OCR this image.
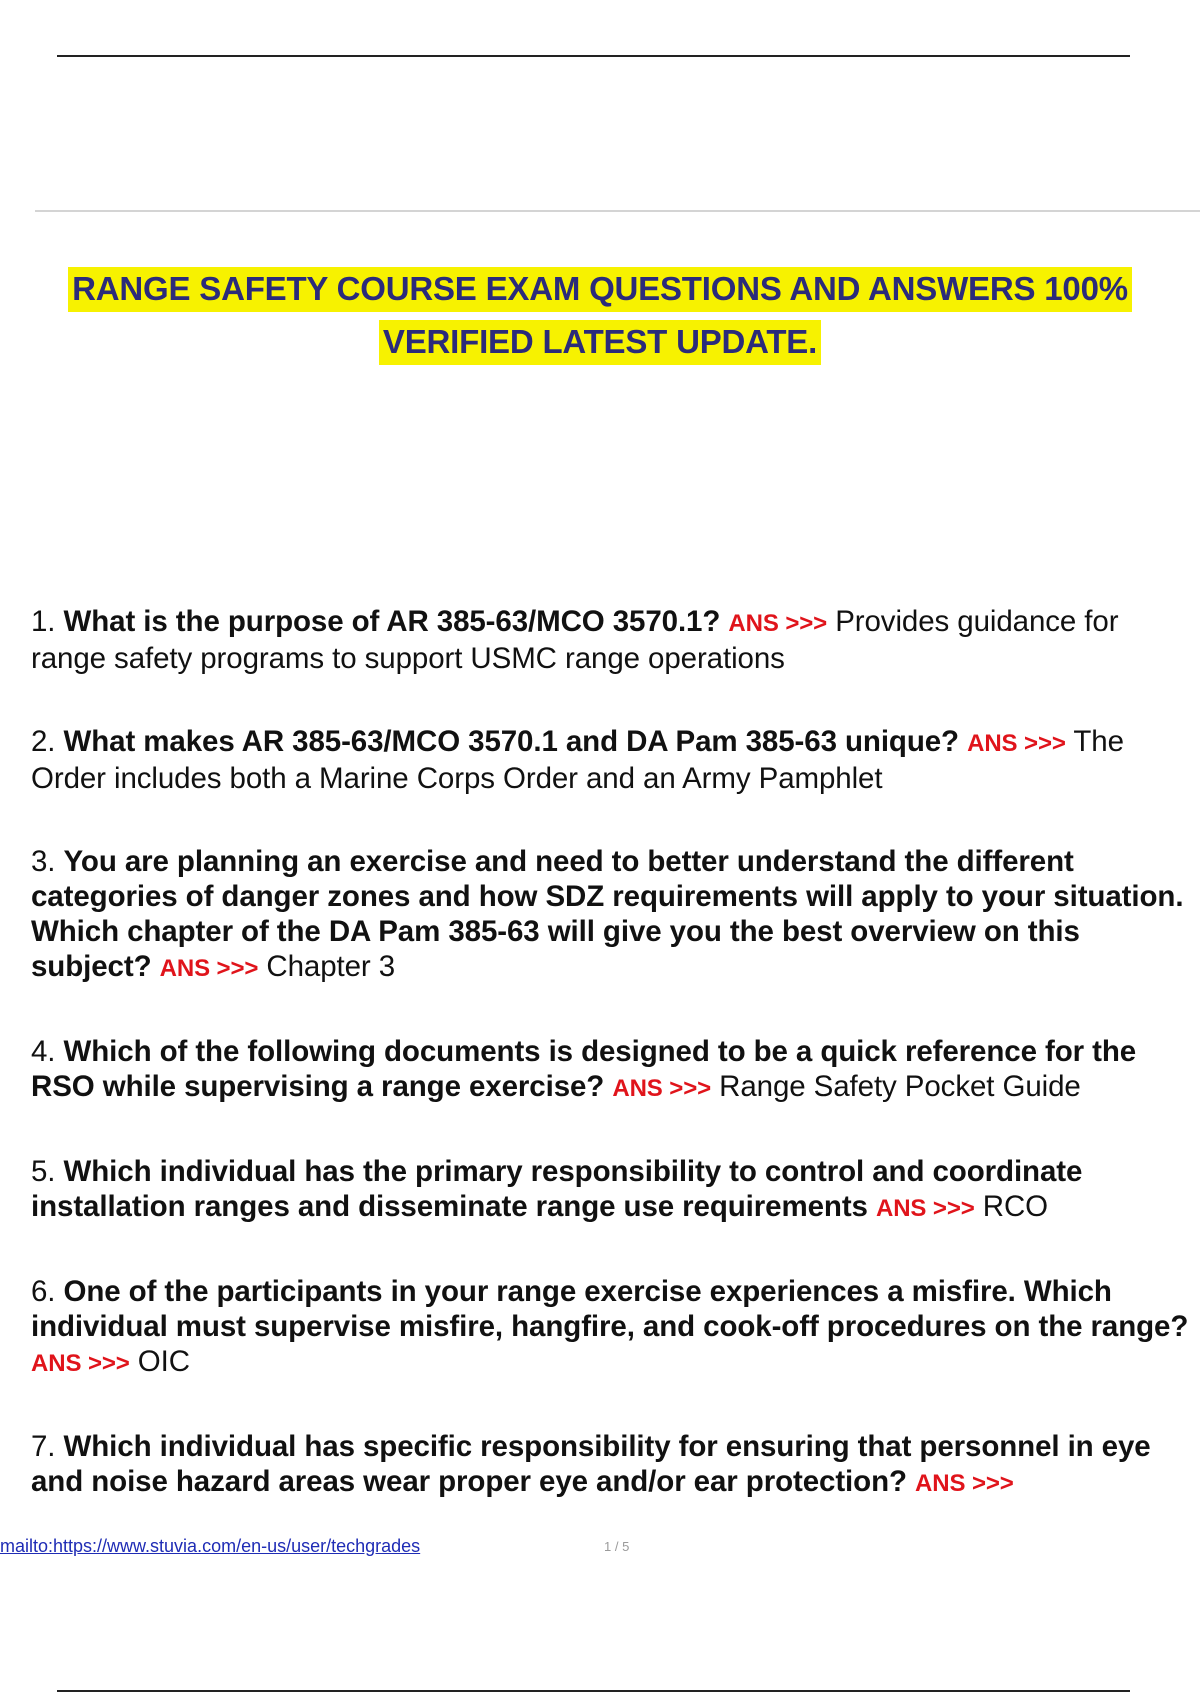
RANGE SAFETY COURSE EXAM QUESTIONS AND ANSWERS 100%
VERIFIED LATEST UPDATE.
1. What is the purpose of AR 385-63/MCO 3570.1? ANS >>> Provides guidance for range safety programs to support USMC range operations
2. What makes AR 385-63/MCO 3570.1 and DA Pam 385-63 unique? ANS >>> The Order includes both a Marine Corps Order and an Army Pamphlet
3. You are planning an exercise and need to better understand the different categories of danger zones and how SDZ requirements will apply to your situation. Which chapter of the DA Pam 385-63 will give you the best overview on this subject? ANS >>> Chapter 3
4. Which of the following documents is designed to be a quick reference for the RSO while supervising a range exercise? ANS >>> Range Safety Pocket Guide
5. Which individual has the primary responsibility to control and coordinate installation ranges and disseminate range use requirements ANS >>> RCO
6. One of the participants in your range exercise experiences a misfire. Which individual must supervise misfire, hangfire, and cook-off procedures on the range? ANS >>> OIC
7. Which individual has specific responsibility for ensuring that personnel in eye and noise hazard areas wear proper eye and/or ear protection? ANS >>>
mailto:https://www.stuvia.com/en-us/user/techgrades	1 / 5
